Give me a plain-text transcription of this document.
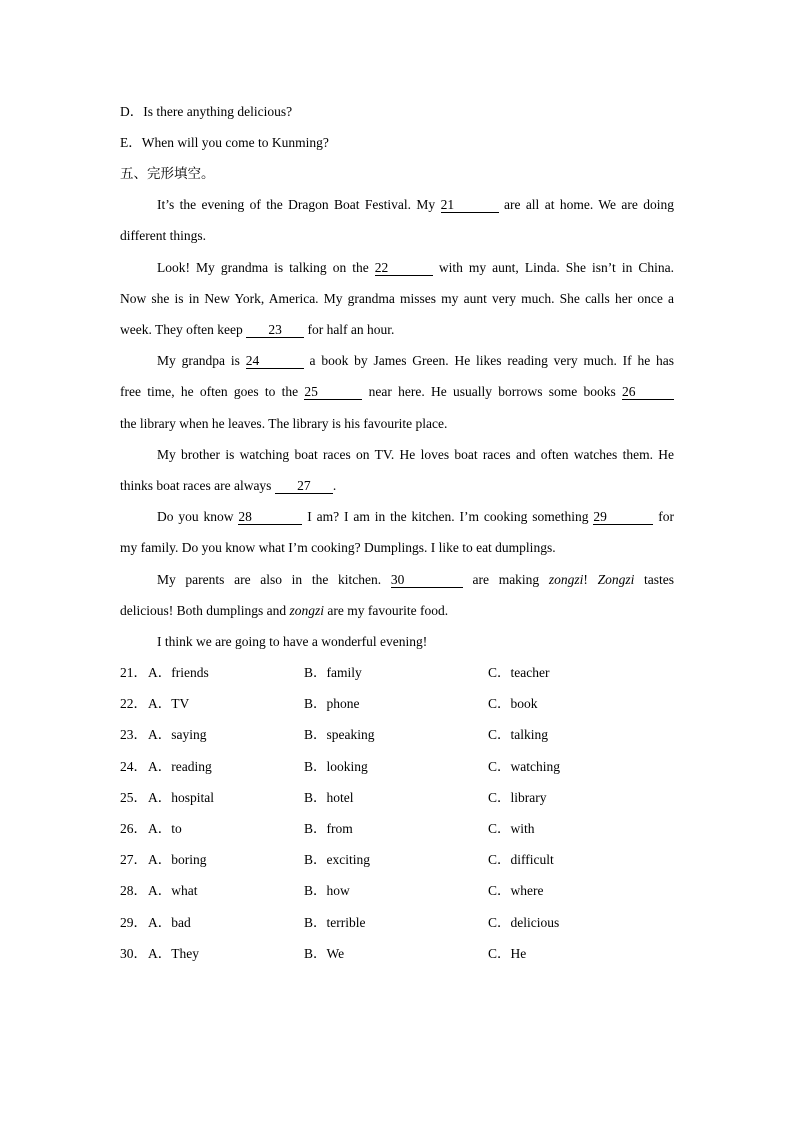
D．Is there anything delicious?
E．When will you come to Kunming?
五、完形填空。
It’s the evening of the Dragon Boat Festival. My 21	are all at home. We are doing
different things.
Look! My grandma is talking on the 22	with my aunt, Linda. She isn’t in China.
Now she is in New York, America. My grandma misses my aunt very much. She calls her once a
week. They often keep 23 for half an hour.
My grandpa is 24	a book by James Green. He likes reading very much. If he has
free time, he often goes to the 25	near here. He usually borrows some books 26
the library when he leaves. The library is his favourite place.
My brother is watching boat races on TV. He loves boat races and often watches them. He
thinks boat races are always 27 .
Do you know 28	I am? I am in the kitchen. I’m cooking something 29	for
my family. Do you know what I’m cooking? Dumplings. I like to eat dumplings.
My parents are also in the kitchen. 30	are making zongzi! Zongzi tastes
delicious! Both dumplings and zongzi are my favourite food.
I think we are going to have a wonderful evening!
21． A．friends	B．family	C．teacher
22． A．TV	B．phone	C．book
23． A．saying	B．speaking	C．talking
24． A．reading	B．looking	C．watching
25． A．hospital	B．hotel	C．library
26． A．to	B．from	C．with
27． A．boring	B．exciting	C．difficult
28． A．what	B．how	C．where
29． A．bad	B．terrible	C．delicious
30． A．They	B．We	C．He
